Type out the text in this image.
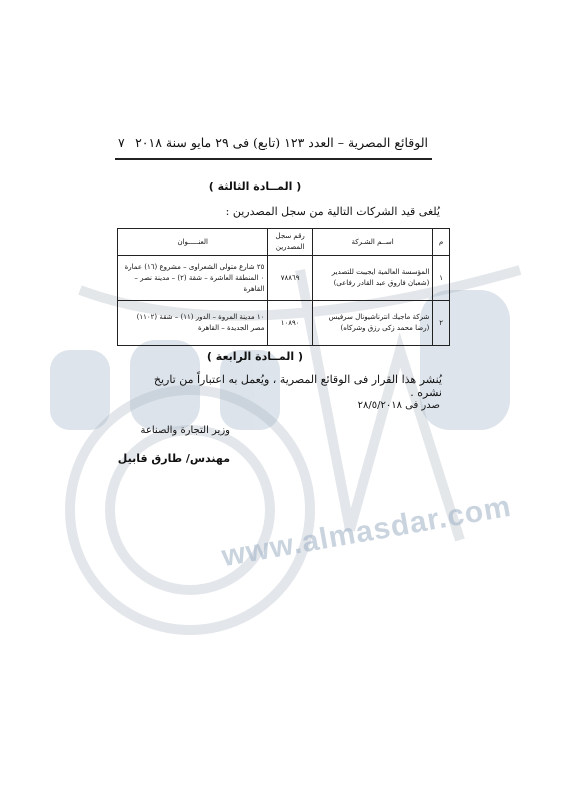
www.almasdar.com
الوقائع المصرية – العدد ١٢٣ (تابع) فى ٢٩ مايو سنة ٢٠١٨
٧
( المــادة الثالثة )
يُلغى قيد الشركات التالية من سجل المصدرين :
م	اســم الشـركة	رقم سجل المصدرين	العنـــــوان
١	المؤسسة العالمية ايجيبت للتصدير (شعبان فاروق عبد القادر رفاعى)	٧٨٨٦٩	٢٥ شارع متولى الشعراوى – مشروع (١٦) عمارة ٠ المنطقة العاشرة – شقة (٢) – مدينة نصر – القاهرة
٢	شركة ماجيك انترناشيونال سرفيس (رضا محمد زكى رزق وشركاه)	١٠٨٩٠	١٠ مدينة المروة – الدور (١١) – شقة (١١٠٢) مصر الجديدة – القاهرة
( المــادة الرابعة )
يُنشر هذا القرار فى الوقائع المصرية ، ويُعمل به اعتباراً من تاريخ نشره .
صدر فى ٢٨/٥/٢٠١٨
وزير التجارة والصناعة
مهندس/ طارق قابيل
